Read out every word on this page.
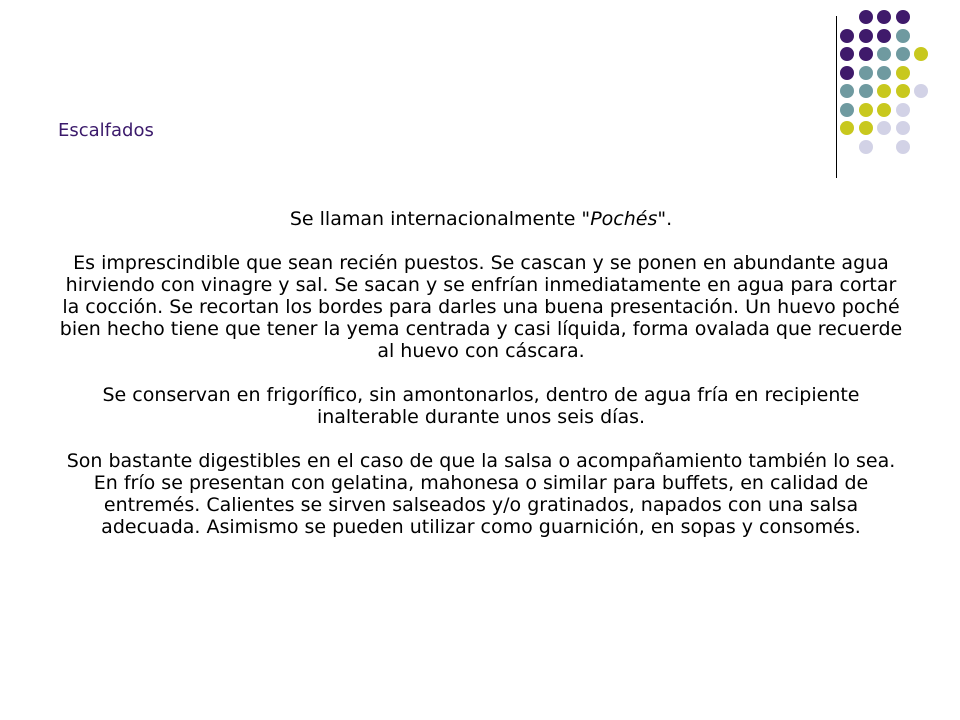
Escalfados

Se llaman internacionalmente "Pochés".

Es imprescindible que sean recién puestos. Se cascan y se ponen en abundante agua hirviendo con vinagre y sal. Se sacan y se enfrían inmediatamente en agua para cortar la cocción. Se recortan los bordes para darles una buena presentación. Un huevo poché bien hecho tiene que tener la yema centrada y casi líquida, forma ovalada que recuerde al huevo con cáscara.

Se conservan en frigorífico, sin amontonarlos, dentro de agua fría en recipiente inalterable durante unos seis días.

Son bastante digestibles en el caso de que la salsa o acompañamiento también lo sea.

En frío se presentan con gelatina, mahonesa o similar para buffets, en calidad de entremés. Calientes se sirven salseados y/o gratinados, napados con una salsa adecuada. Asimismo se pueden utilizar como guarnición, en sopas y consomés.
